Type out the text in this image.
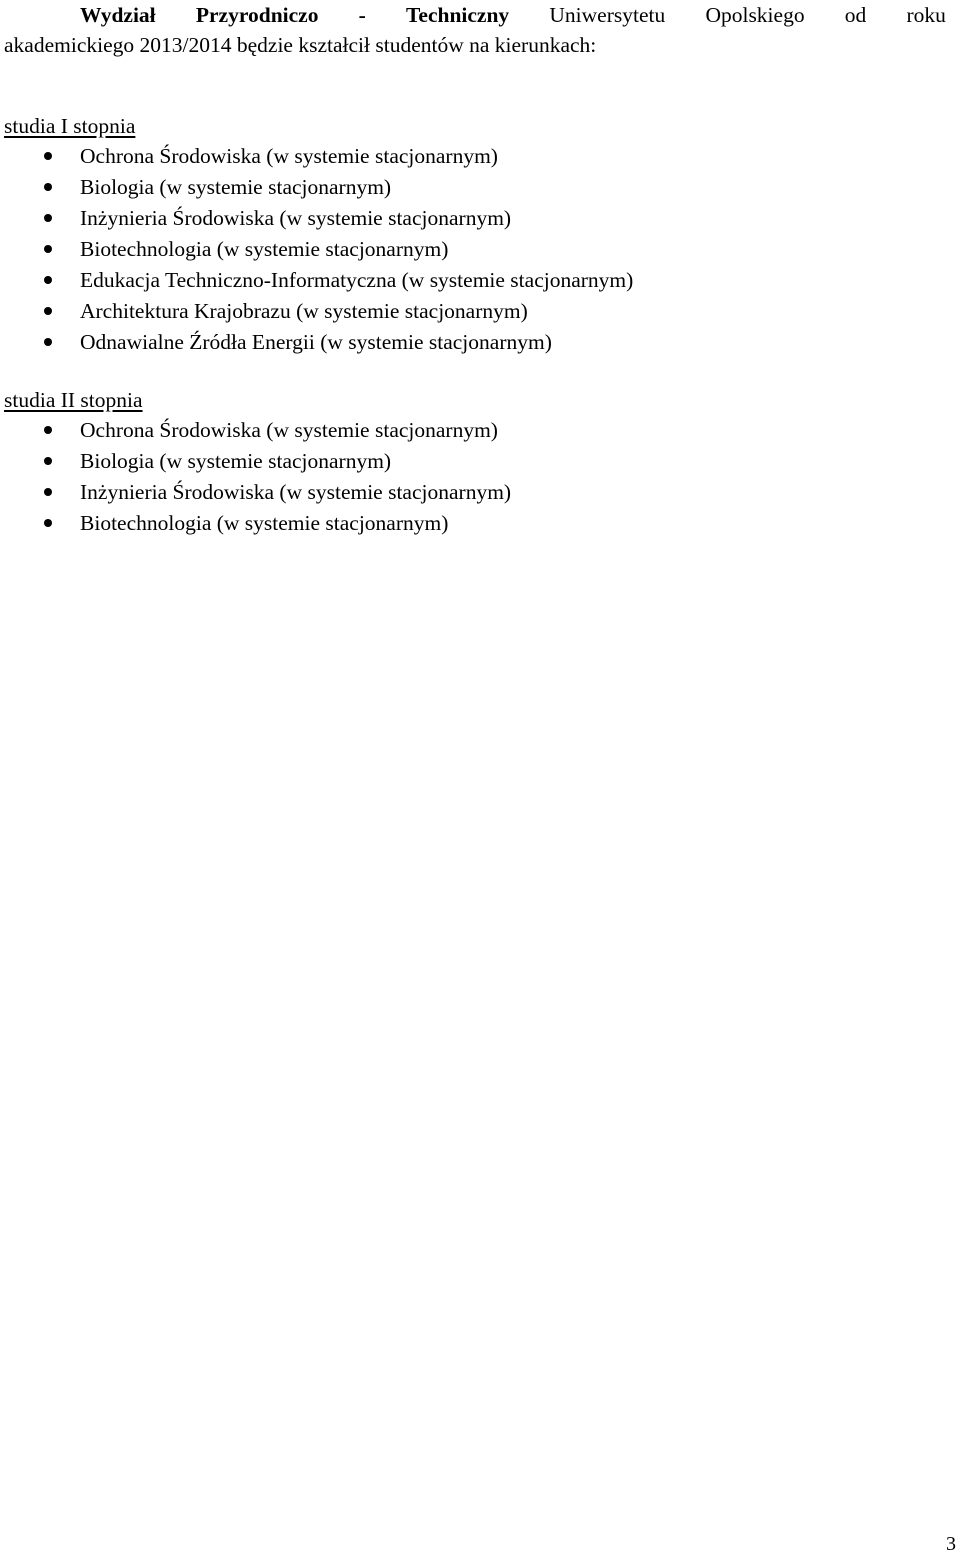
Wydział Przyrodniczo - Techniczny Uniwersytetu Opolskiego od roku
akademickiego 2013/2014 będzie kształcił studentów na kierunkach:
studia I stopnia
Ochrona Środowiska (w systemie stacjonarnym)
Biologia (w systemie stacjonarnym)
Inżynieria Środowiska (w systemie stacjonarnym)
Biotechnologia (w systemie stacjonarnym)
Edukacja Techniczno-Informatyczna (w systemie stacjonarnym)
Architektura Krajobrazu (w systemie stacjonarnym)
Odnawialne Źródła Energii (w systemie stacjonarnym)
studia II stopnia
Ochrona Środowiska (w systemie stacjonarnym)
Biologia (w systemie stacjonarnym)
Inżynieria Środowiska (w systemie stacjonarnym)
Biotechnologia (w systemie stacjonarnym)
3
